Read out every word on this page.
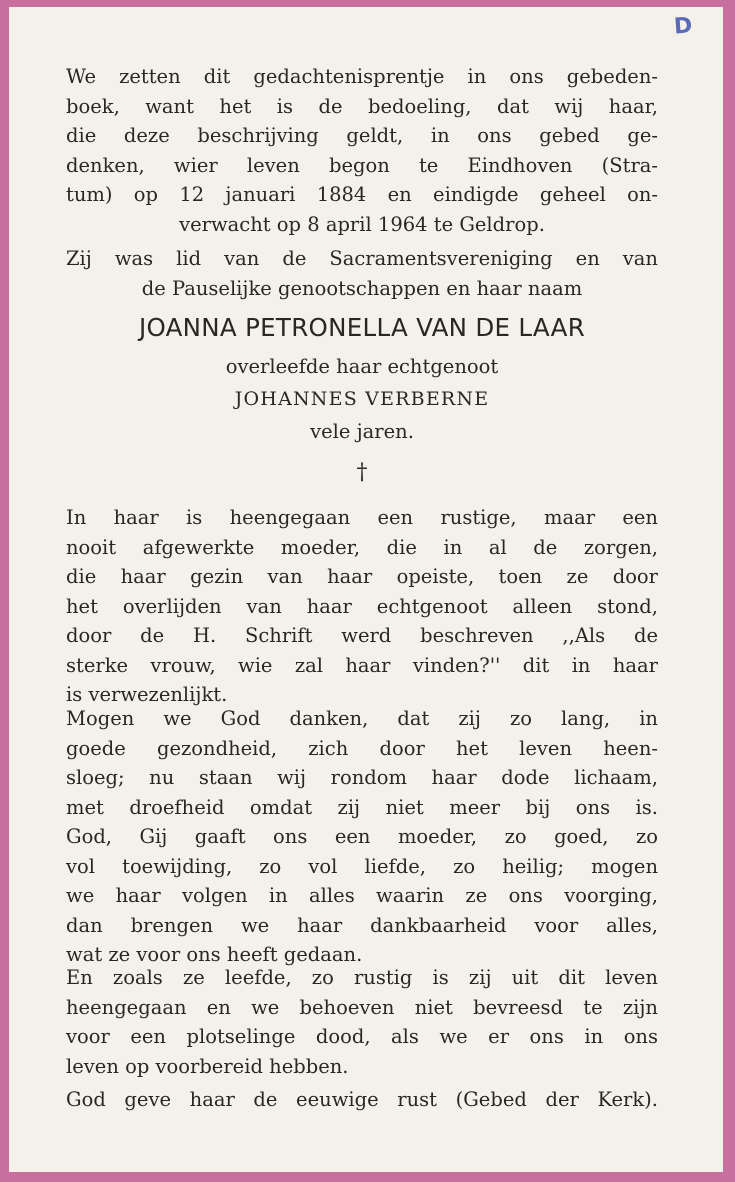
D
We zetten dit gedachtenisprentje in ons gebeden-
boek, want het is de bedoeling, dat wij haar,
die deze beschrijving geldt, in ons gebed ge-
denken, wier leven begon te Eindhoven (Stra-
tum) op 12 januari 1884 en eindigde geheel on-
verwacht op 8 april 1964 te Geldrop.
Zij was lid van de Sacramentsvereniging en van
de Pauselijke genootschappen en haar naam
JOANNA PETRONELLA VAN DE LAAR
overleefde haar echtgenoot
JOHANNES VERBERNE
vele jaren.
†
In haar is heengegaan een rustige, maar een
nooit afgewerkte moeder, die in al de zorgen,
die haar gezin van haar opeiste, toen ze door
het overlijden van haar echtgenoot alleen stond,
door de H. Schrift werd beschreven ,,Als de
sterke vrouw, wie zal haar vinden?'' dit in haar
is verwezenlijkt.
Mogen we God danken, dat zij zo lang, in
goede gezondheid, zich door het leven heen-
sloeg; nu staan wij rondom haar dode lichaam,
met droefheid omdat zij niet meer bij ons is.
God, Gij gaaft ons een moeder, zo goed, zo
vol toewijding, zo vol liefde, zo heilig; mogen
we haar volgen in alles waarin ze ons voorging,
dan brengen we haar dankbaarheid voor alles,
wat ze voor ons heeft gedaan.
En zoals ze leefde, zo rustig is zij uit dit leven
heengegaan en we behoeven niet bevreesd te zijn
voor een plotselinge dood, als we er ons in ons
leven op voorbereid hebben.
God geve haar de eeuwige rust (Gebed der Kerk).
